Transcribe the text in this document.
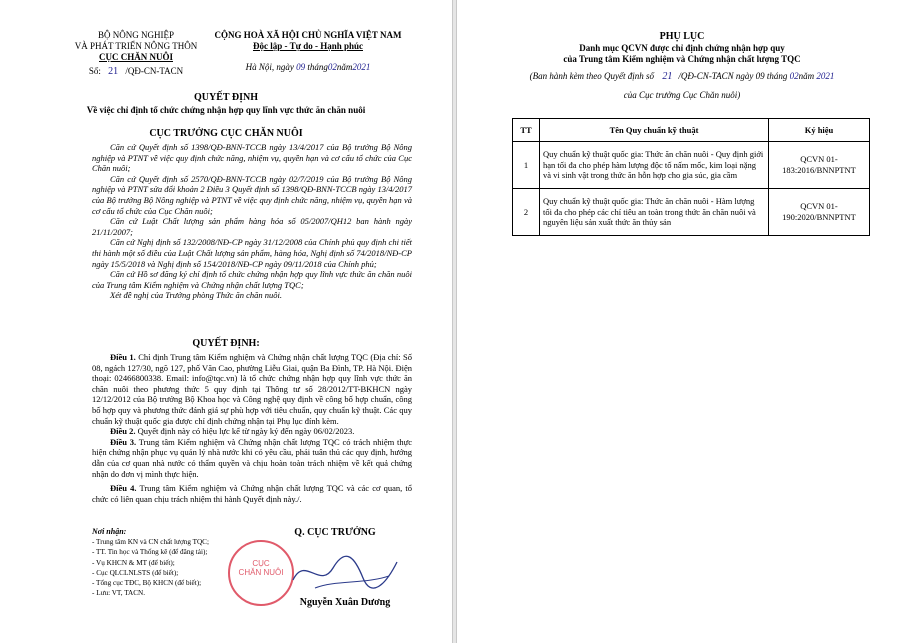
BỘ NÔNG NGHIỆP
VÀ PHÁT TRIỂN NÔNG THÔN
CỤC CHĂN NUÔI
Số: 21 /QĐ-CN-TACN
CỘNG HOÀ XÃ HỘI CHỦ NGHĨA VIỆT NAM
Độc lập - Tự do - Hạnh phúc
Hà Nội, ngày 09 tháng02năm2021
QUYẾT ĐỊNH
Về việc chỉ định tổ chức chứng nhận hợp quy lĩnh vực thức ăn chăn nuôi
CỤC TRƯỞNG CỤC CHĂN NUÔI

Căn cứ Quyết định số 1398/QĐ-BNN-TCCB ngày 13/4/2017 của Bộ trưởng Bộ Nông nghiệp và PTNT về việc quy định chức năng, nhiệm vụ, quyền hạn và cơ cấu tổ chức của Cục Chăn nuôi;

Căn cứ Quyết định số 2570/QĐ-BNN-TCCB ngày 02/7/2019 của Bộ trưởng Bộ Nông nghiệp và PTNT sửa đổi khoản 2 Điều 3 Quyết định số 1398/QĐ-BNN-TCCB ngày 13/4/2017 của Bộ trưởng Bộ Nông nghiệp và PTNT về việc quy định chức năng, nhiệm vụ, quyền hạn và cơ cấu tổ chức của Cục Chăn nuôi;

Căn cứ Luật Chất lượng sản phẩm hàng hóa số 05/2007/QH12 ban hành ngày 21/11/2007;

Căn cứ Nghị định số 132/2008/NĐ-CP ngày 31/12/2008 của Chính phủ quy định chi tiết thi hành một số điều của Luật Chất lượng sản phẩm, hàng hóa, Nghị định số 74/2018/NĐ-CP ngày 15/5/2018 và Nghị định số 154/2018/NĐ-CP ngày 09/11/2018 của Chính phủ;

Căn cứ Hồ sơ đăng ký chỉ định tổ chức chứng nhận hợp quy lĩnh vực thức ăn chăn nuôi của Trung tâm Kiểm nghiệm và Chứng nhận chất lượng TQC;

Xét đề nghị của Trưởng phòng Thức ăn chăn nuôi.

QUYẾT ĐỊNH:

Điều 1. Chỉ định Trung tâm Kiểm nghiệm và Chứng nhận chất lượng TQC (Địa chỉ: Số 08, ngách 127/30, ngõ 127, phố Văn Cao, phường Liễu Giai, quận Ba Đình, TP. Hà Nội. Điện thoại: 02466800338. Email: info@tqc.vn) là tổ chức chứng nhận hợp quy lĩnh vực thức ăn chăn nuôi theo phương thức 5 quy định tại Thông tư số 28/2012/TT-BKHCN ngày 12/12/2012 của Bộ trưởng Bộ Khoa học và Công nghệ quy định về công bố hợp chuẩn, công bố hợp quy và phương thức đánh giá sự phù hợp với tiêu chuẩn, quy chuẩn kỹ thuật. Các quy chuẩn kỹ thuật quốc gia được chỉ định chứng nhận tại Phụ lục đính kèm.

Điều 2. Quyết định này có hiệu lực kể từ ngày ký đến ngày 06/02/2023.

Điều 3. Trung tâm Kiểm nghiệm và Chứng nhận chất lượng TQC có trách nhiệm thực hiện chứng nhận phục vụ quản lý nhà nước khi có yêu cầu, phải tuân thủ các quy định, hướng dẫn của cơ quan nhà nước có thẩm quyền và chịu hoàn toàn trách nhiệm về kết quả chứng nhận do đơn vị mình thực hiện.

Điều 4. Trung tâm Kiểm nghiệm và Chứng nhận chất lượng TQC và các cơ quan, tổ chức có liên quan chịu trách nhiệm thi hành Quyết định này./.

Nơi nhận:
- Trung tâm KN và CN chất lượng TQC;
- TT. Tin học và Thống kê (để đăng tải);
- Vụ KHCN & MT (để biết);
- Cục QLCLNLSTS (để biết);
- Tổng cục TĐC, Bộ KHCN (để biết);
- Lưu: VT, TACN.
Q. CỤC TRƯỞNG
CỤC
CHĂN NUÔI
Nguyễn Xuân Dương
PHỤ LỤC
Danh mục QCVN được chỉ định chứng nhận hợp quy
của Trung tâm Kiểm nghiệm và Chứng nhận chất lượng TQC
(Ban hành kèm theo Quyết định số 21 /QĐ-CN-TACN ngày 09 tháng 02năm 2021
của Cục trưởng Cục Chăn nuôi)
TT	Tên Quy chuẩn kỹ thuật	Ký hiệu
1	Quy chuẩn kỹ thuật quốc gia: Thức ăn chăn nuôi - Quy định giới hạn tối đa cho phép hàm lượng độc tố nấm mốc, kim loại nặng và vi sinh vật trong thức ăn hỗn hợp cho gia súc, gia cầm	QCVN 01-183:2016/BNNPTNT
2	Quy chuẩn kỹ thuật quốc gia: Thức ăn chăn nuôi - Hàm lượng tối đa cho phép các chỉ tiêu an toàn trong thức ăn chăn nuôi và nguyên liệu sản xuất thức ăn thủy sản	QCVN 01-190:2020/BNNPTNT
